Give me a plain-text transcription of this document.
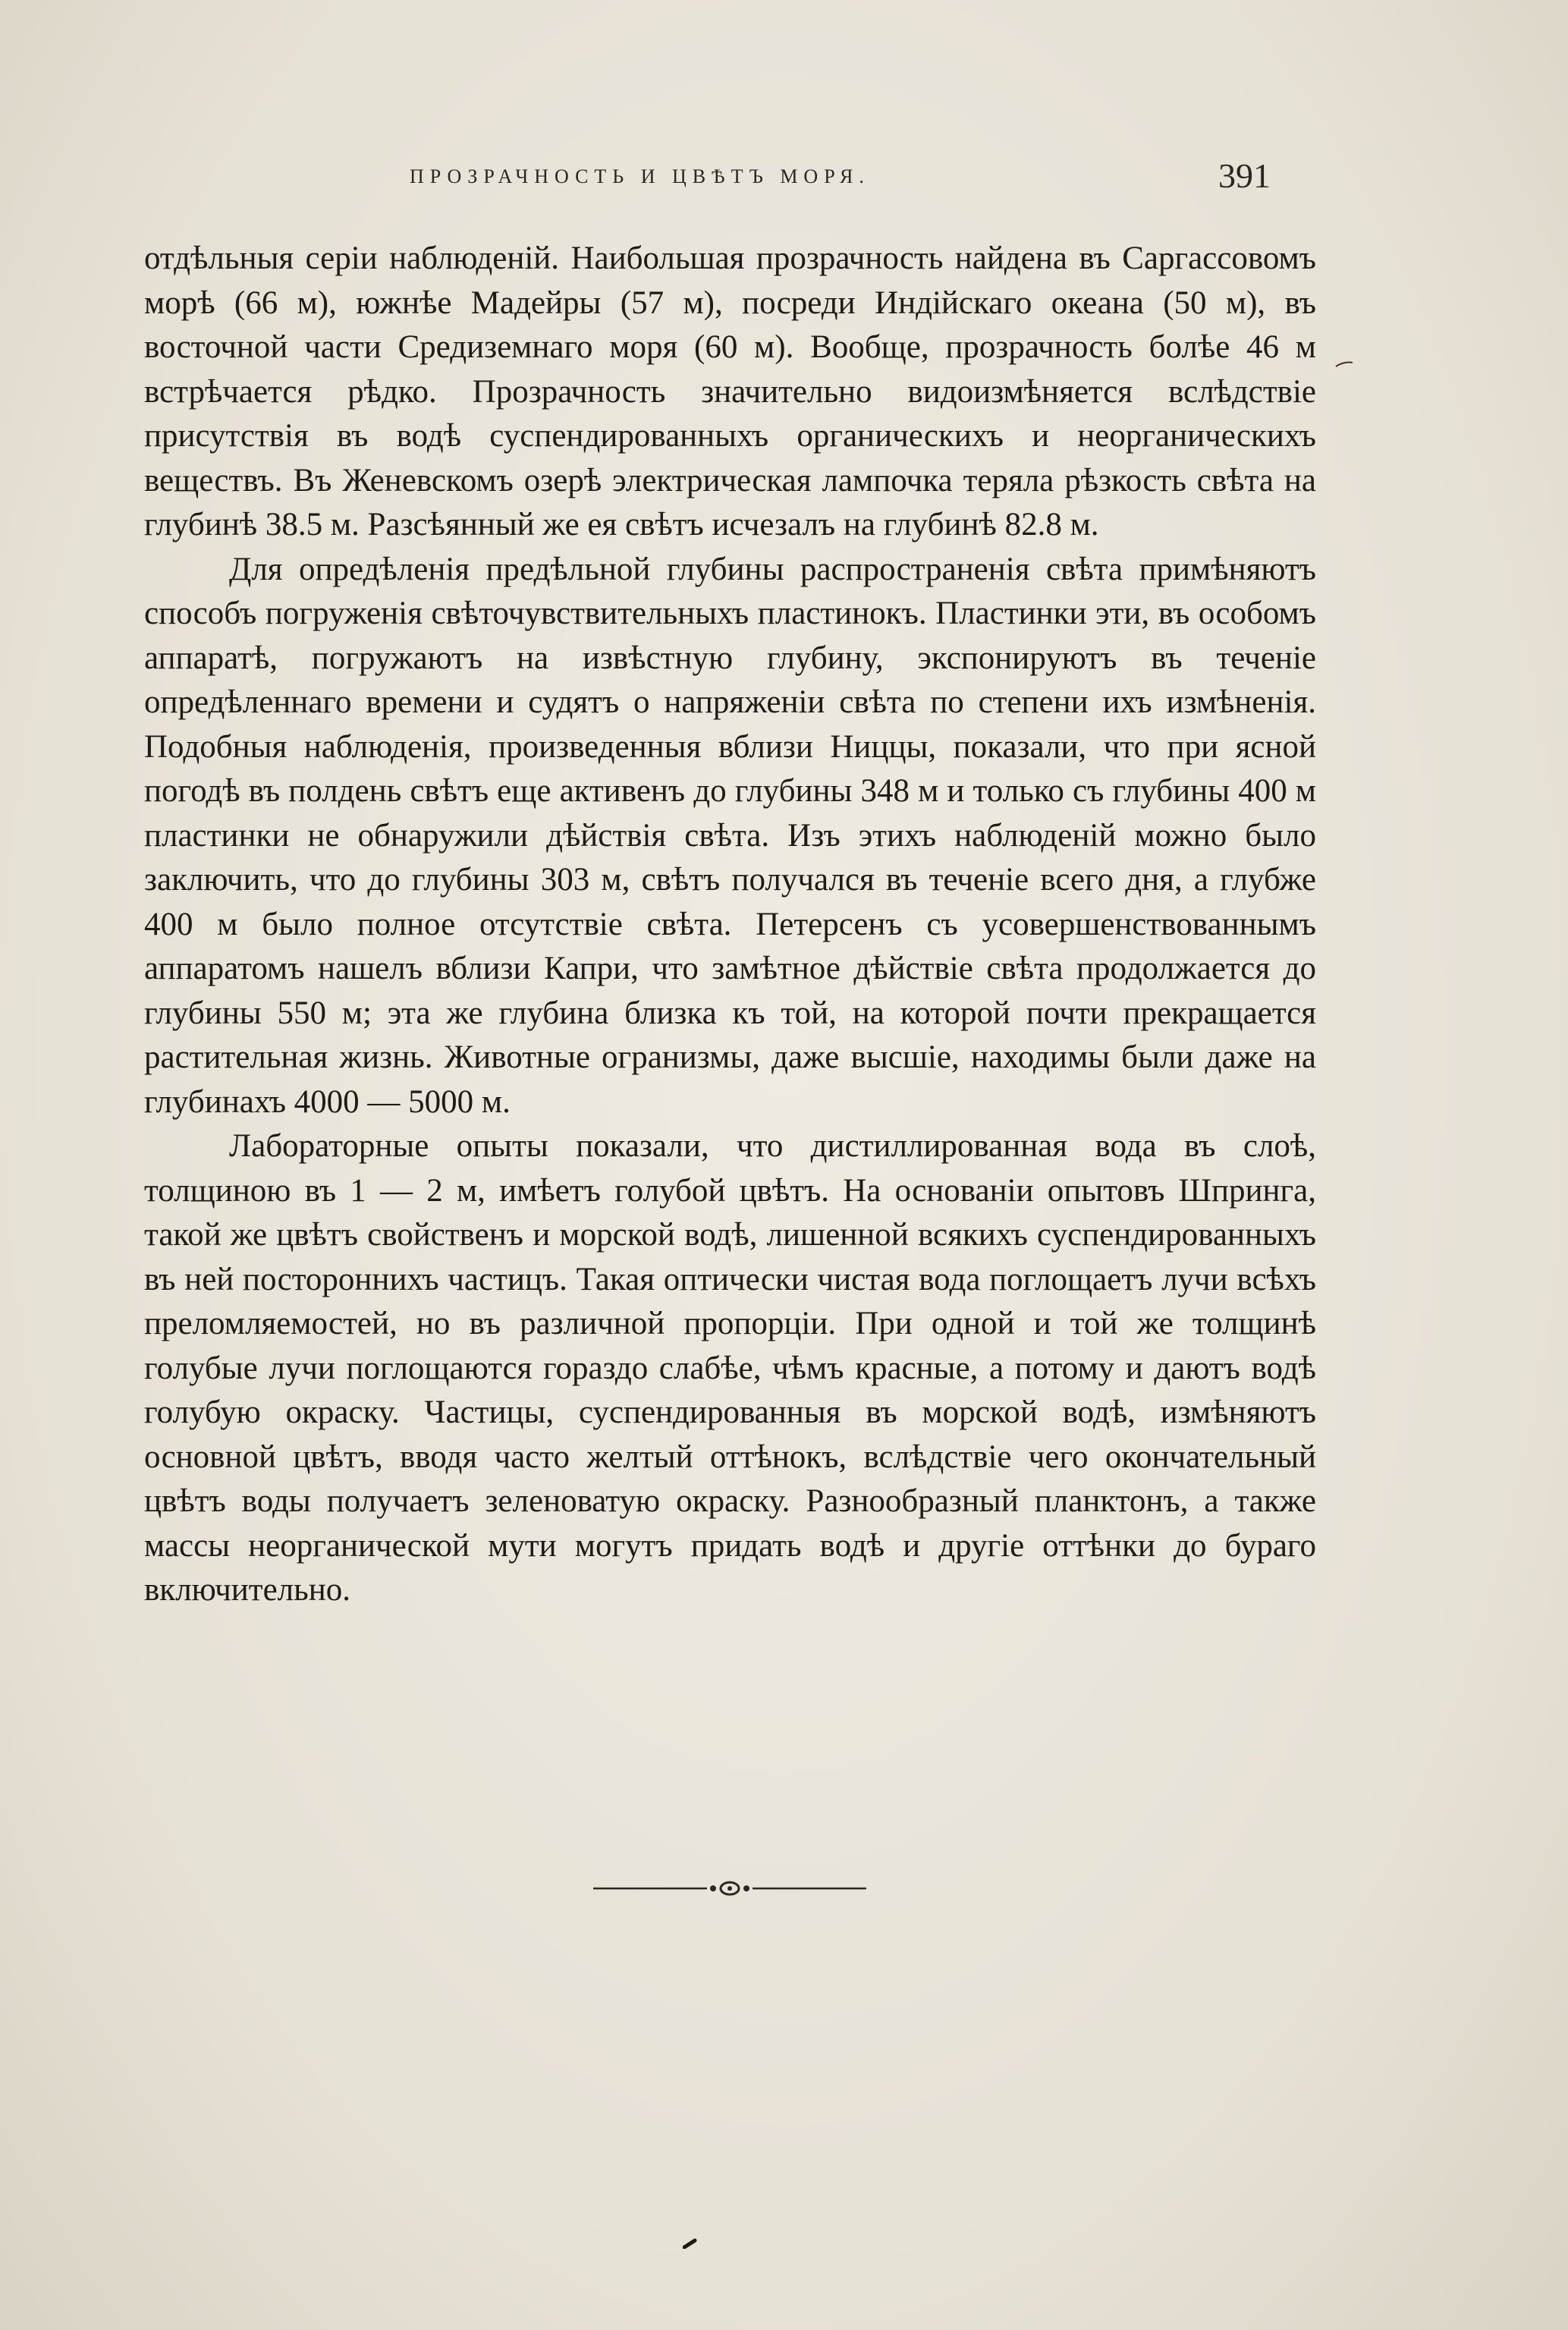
ПРОЗРАЧНОСТЬ И ЦВѢТЪ МОРЯ.	391

отдѣльныя серіи наблюденій. Наибольшая прозрачность найдена въ Саргассовомъ морѣ (66 м), южнѣе Мадейры (57 м), посреди Индійскаго океана (50 м), въ восточной части Средиземнаго моря (60 м). Вообще, прозрачность болѣе 46 м встрѣчается рѣдко. Прозрачность значительно видоизмѣняется вслѣдствіе присутствія въ водѣ суспендированныхъ органическихъ и неорганическихъ веществъ. Въ Женевскомъ озерѣ электрическая лампочка теряла рѣзкость свѣта на глубинѣ 38.5 м. Разсѣянный же ея свѣтъ исчезалъ на глубинѣ 82.8 м.

Для опредѣленія предѣльной глубины распространенія свѣта примѣняютъ способъ погруженія свѣточувствительныхъ пластинокъ. Пластинки эти, въ особомъ аппаратѣ, погружаютъ на извѣстную глубину, экспонируютъ въ теченіе опредѣленнаго времени и судятъ о напряженіи свѣта по степени ихъ измѣненія. Подобныя наблюденія, произведенныя вблизи Ниццы, показали, что при ясной погодѣ въ полдень свѣтъ еще активенъ до глубины 348 м и только съ глубины 400 м пластинки не обнаружили дѣйствія свѣта. Изъ этихъ наблюденій можно было заключить, что до глубины 303 м, свѣтъ получался въ теченіе всего дня, а глубже 400 м было полное отсутствіе свѣта. Петерсенъ съ усовершенствованнымъ аппаратомъ нашелъ вблизи Капри, что замѣтное дѣйствіе свѣта продолжается до глубины 550 м; эта же глубина близка къ той, на которой почти прекращается растительная жизнь. Животные огранизмы, даже высшіе, находимы были даже на глубинахъ 4000 — 5000 м.

Лабораторные опыты показали, что дистиллированная вода въ слоѣ, толщиною въ 1 — 2 м, имѣетъ голубой цвѣтъ. На основаніи опытовъ Шпринга, такой же цвѣтъ свойственъ и морской водѣ, лишенной всякихъ суспендированныхъ въ ней постороннихъ частицъ. Такая оптически чистая вода поглощаетъ лучи всѣхъ преломляемостей, но въ различной пропорціи. При одной и той же толщинѣ голубые лучи поглощаются гораздо слабѣе, чѣмъ красные, а потому и даютъ водѣ голубую окраску. Частицы, суспендированныя въ морской водѣ, измѣняютъ основной цвѣтъ, вводя часто желтый оттѣнокъ, вслѣдствіе чего окончательный цвѣтъ воды получаетъ зеленоватую окраску. Разнообразный планктонъ, а также массы неорганической мути могутъ придать водѣ и другіе оттѣнки до бураго включительно.
